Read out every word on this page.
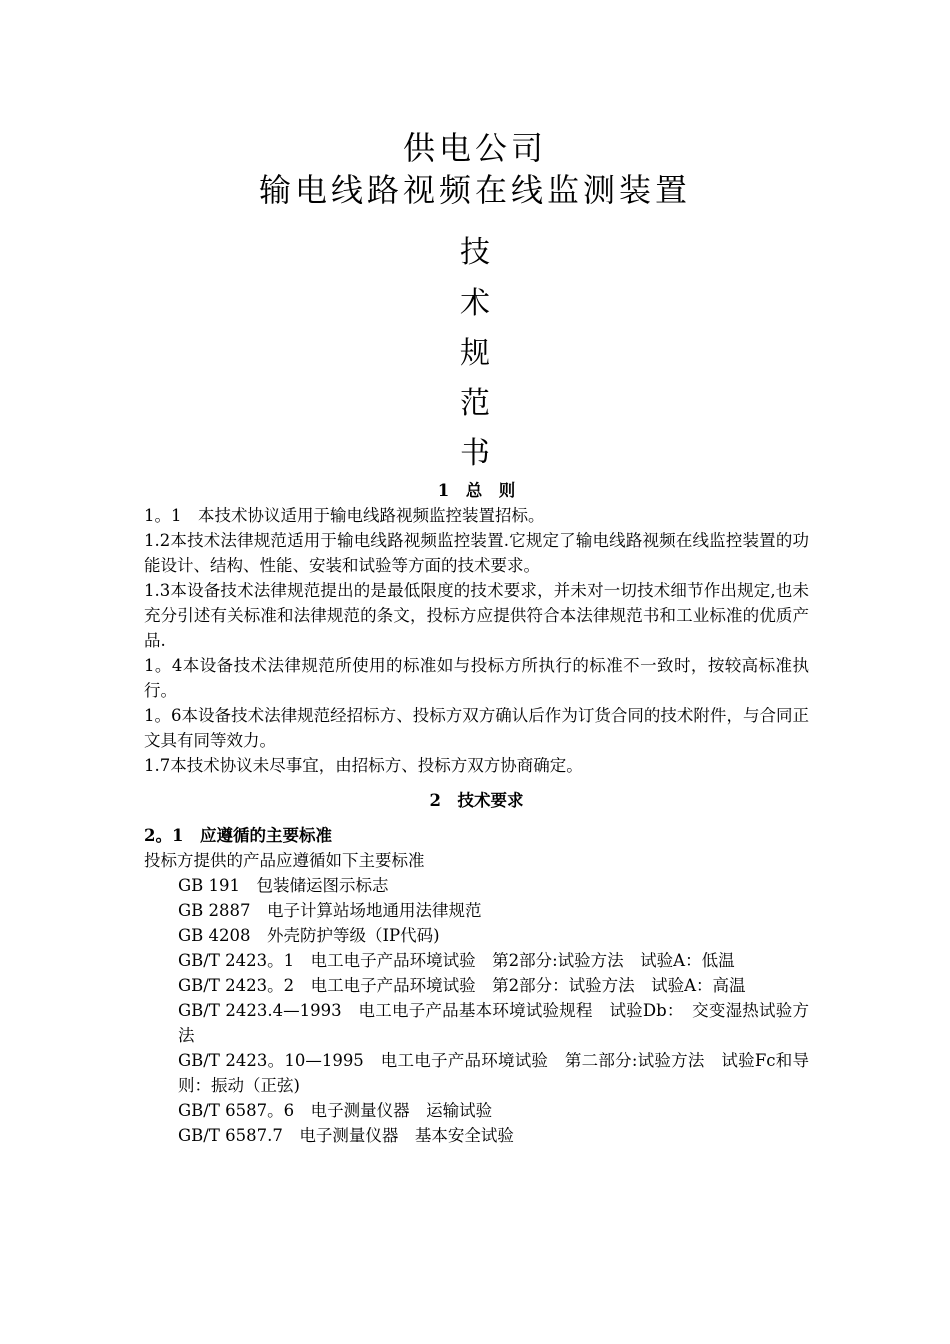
供电公司
输电线路视频在线监测装置
技
术
规
范
书

1　总　则

1。1　本技术协议适用于输电线路视频监控装置招标。

1.2本技术法律规范适用于输电线路视频监控装置.它规定了输电线路视频在线监控装置的功能设计、结构、性能、安装和试验等方面的技术要求。

1.3本设备技术法律规范提出的是最低限度的技术要求，并未对一切技术细节作出规定,也未充分引述有关标准和法律规范的条文，投标方应提供符合本法律规范书和工业标准的优质产品.

1。4本设备技术法律规范所使用的标准如与投标方所执行的标准不一致时，按较高标准执行。

1。6本设备技术法律规范经招标方、投标方双方确认后作为订货合同的技术附件，与合同正文具有同等效力。

1.7本技术协议未尽事宜，由招标方、投标方双方协商确定。

2　技术要求

2。1　应遵循的主要标准

投标方提供的产品应遵循如下主要标准

GB 191　包装储运图示标志

GB 2887　电子计算站场地通用法律规范

GB 4208　外壳防护等级（IP代码)

GB/T 2423。1　电工电子产品环境试验　第2部分:试验方法　试验A：低温

GB/T 2423。2　电工电子产品环境试验　第2部分：试验方法　试验A：高温

GB/T 2423.4—1993　电工电子产品基本环境试验规程　试验Db：　交变湿热试验方法

GB/T 2423。10—1995　电工电子产品环境试验　第二部分:试验方法　试验Fc和导则：振动（正弦)

GB/T 6587。6　电子测量仪器　运输试验

GB/T 6587.7　电子测量仪器　基本安全试验
